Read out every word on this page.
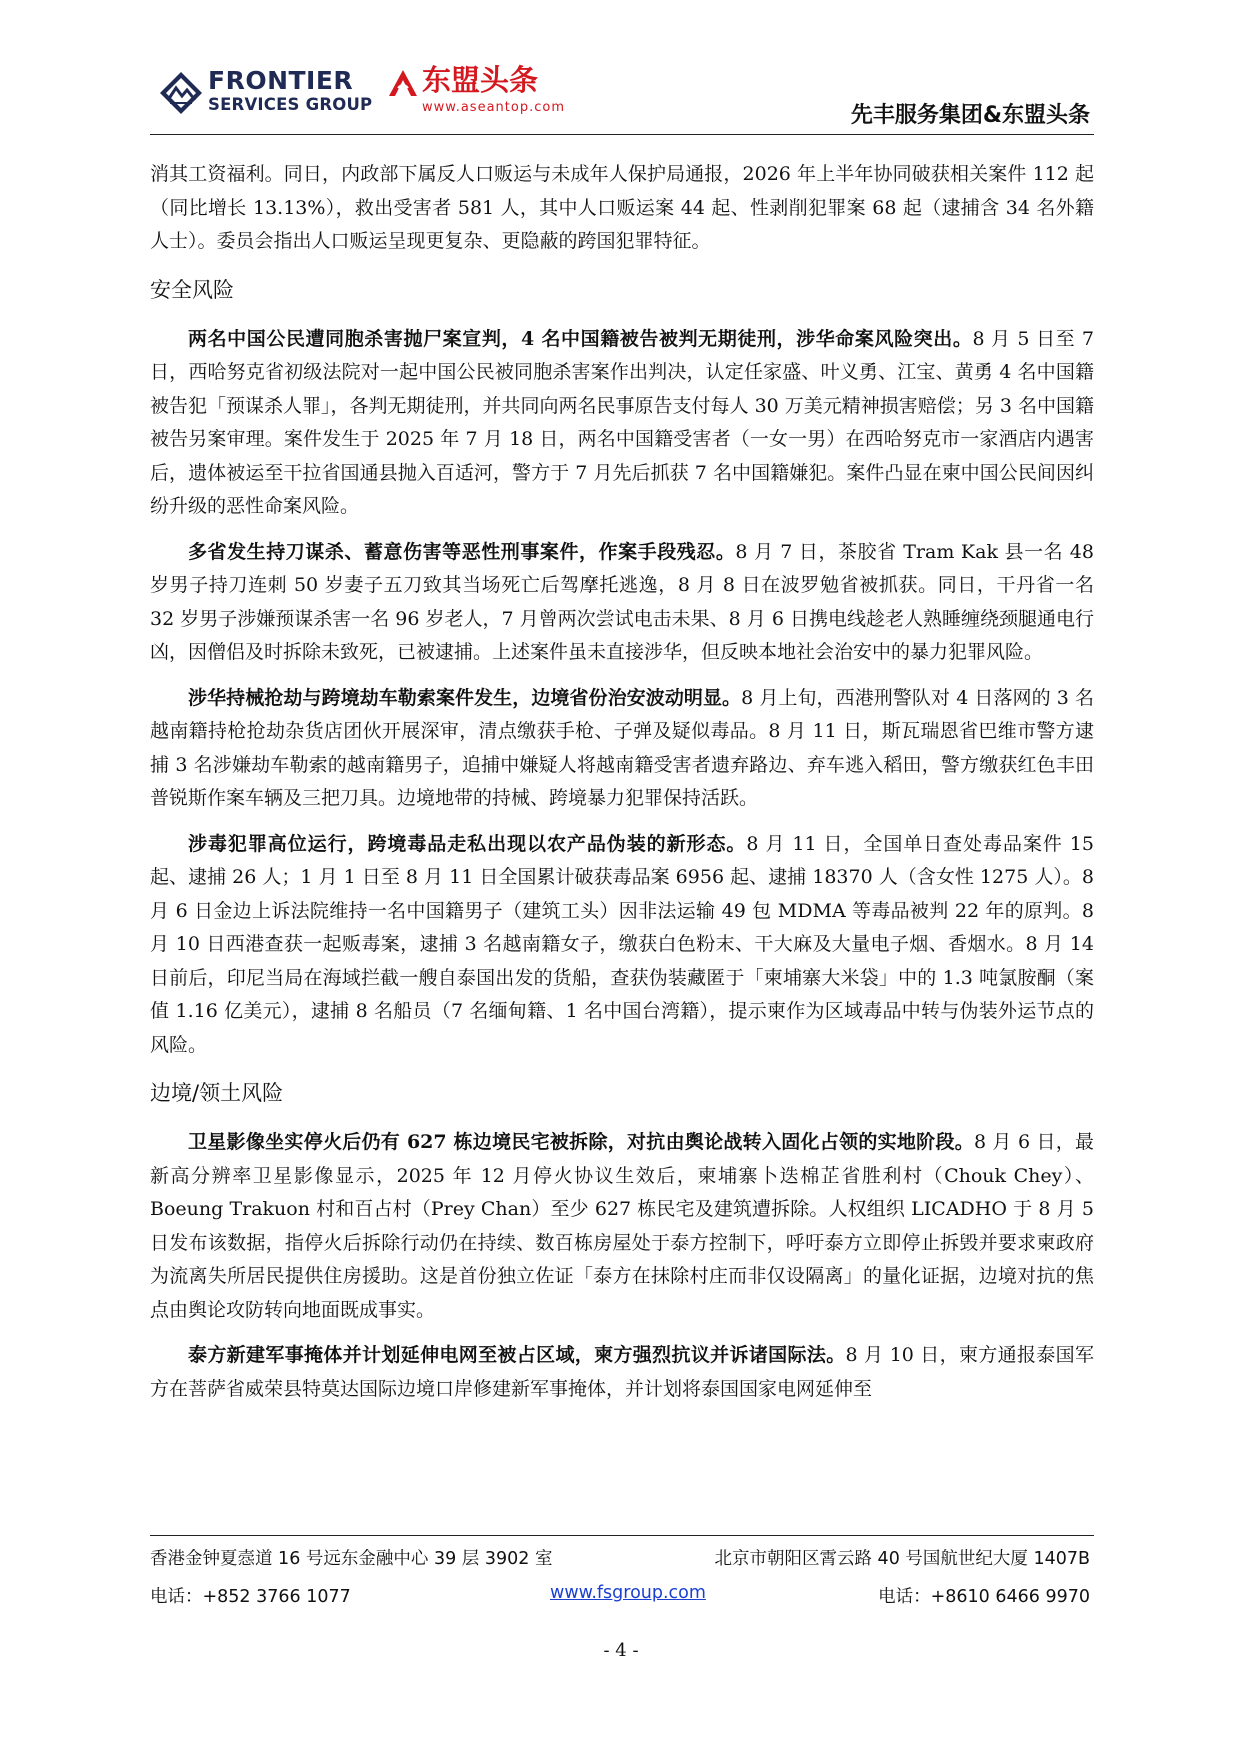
FRONTIER
SERVICES GROUP
东盟头条
www.aseantop.com	先丰服务集团&东盟头条

消其工资福利。同日，内政部下属反人口贩运与未成年人保护局通报，2026 年上半年协同破获相关案件 112 起（同比增长 13.13%），救出受害者 581 人，其中人口贩运案 44 起、性剥削犯罪案 68 起（逮捕含 34 名外籍人士）。委员会指出人口贩运呈现更复杂、更隐蔽的跨国犯罪特征。

安全风险

两名中国公民遭同胞杀害抛尸案宣判，4 名中国籍被告被判无期徒刑，涉华命案风险突出。8 月 5 日至 7 日，西哈努克省初级法院对一起中国公民被同胞杀害案作出判决，认定任家盛、叶义勇、江宝、黄勇 4 名中国籍被告犯「预谋杀人罪」，各判无期徒刑，并共同向两名民事原告支付每人 30 万美元精神损害赔偿；另 3 名中国籍被告另案审理。案件发生于 2025 年 7 月 18 日，两名中国籍受害者（一女一男）在西哈努克市一家酒店内遇害后，遗体被运至干拉省国通县抛入百适河，警方于 7 月先后抓获 7 名中国籍嫌犯。案件凸显在柬中国公民间因纠纷升级的恶性命案风险。

多省发生持刀谋杀、蓄意伤害等恶性刑事案件，作案手段残忍。8 月 7 日，茶胶省 Tram Kak 县一名 48 岁男子持刀连刺 50 岁妻子五刀致其当场死亡后驾摩托逃逸，8 月 8 日在波罗勉省被抓获。同日，干丹省一名 32 岁男子涉嫌预谋杀害一名 96 岁老人，7 月曾两次尝试电击未果、8 月 6 日携电线趁老人熟睡缠绕颈腿通电行凶，因僧侣及时拆除未致死，已被逮捕。上述案件虽未直接涉华，但反映本地社会治安中的暴力犯罪风险。

涉华持械抢劫与跨境劫车勒索案件发生，边境省份治安波动明显。8 月上旬，西港刑警队对 4 日落网的 3 名越南籍持枪抢劫杂货店团伙开展深审，清点缴获手枪、子弹及疑似毒品。8 月 11 日，斯瓦瑞恩省巴维市警方逮捕 3 名涉嫌劫车勒索的越南籍男子，追捕中嫌疑人将越南籍受害者遗弃路边、弃车逃入稻田，警方缴获红色丰田普锐斯作案车辆及三把刀具。边境地带的持械、跨境暴力犯罪保持活跃。

涉毒犯罪高位运行，跨境毒品走私出现以农产品伪装的新形态。8 月 11 日，全国单日查处毒品案件 15 起、逮捕 26 人；1 月 1 日至 8 月 11 日全国累计破获毒品案 6956 起、逮捕 18370 人（含女性 1275 人）。8 月 6 日金边上诉法院维持一名中国籍男子（建筑工头）因非法运输 49 包 MDMA 等毒品被判 22 年的原判。8 月 10 日西港查获一起贩毒案，逮捕 3 名越南籍女子，缴获白色粉末、干大麻及大量电子烟、香烟水。8 月 14 日前后，印尼当局在海域拦截一艘自泰国出发的货船，查获伪装藏匿于「柬埔寨大米袋」中的 1.3 吨氯胺酮（案值 1.16 亿美元），逮捕 8 名船员（7 名缅甸籍、1 名中国台湾籍），提示柬作为区域毒品中转与伪装外运节点的风险。

边境/领土风险

卫星影像坐实停火后仍有 627 栋边境民宅被拆除，对抗由舆论战转入固化占领的实地阶段。8 月 6 日，最新高分辨率卫星影像显示，2025 年 12 月停火协议生效后，柬埔寨卜迭棉芷省胜利村（Chouk Chey）、Boeung Trakuon 村和百占村（Prey Chan）至少 627 栋民宅及建筑遭拆除。人权组织 LICADHO 于 8 月 5 日发布该数据，指停火后拆除行动仍在持续、数百栋房屋处于泰方控制下，呼吁泰方立即停止拆毁并要求柬政府为流离失所居民提供住房援助。这是首份独立佐证「泰方在抹除村庄而非仅设隔离」的量化证据，边境对抗的焦点由舆论攻防转向地面既成事实。

泰方新建军事掩体并计划延伸电网至被占区域，柬方强烈抗议并诉诸国际法。8 月 10 日，柬方通报泰国军方在菩萨省威荣县特莫达国际边境口岸修建新军事掩体，并计划将泰国国家电网延伸至

香港金钟夏悫道 16 号远东金融中心 39 层 3902 室	北京市朝阳区霄云路 40 号国航世纪大厦 1407B
电话：+852 3766 1077	www.fsgroup.com	电话：+8610 6466 9970
- 4 -
